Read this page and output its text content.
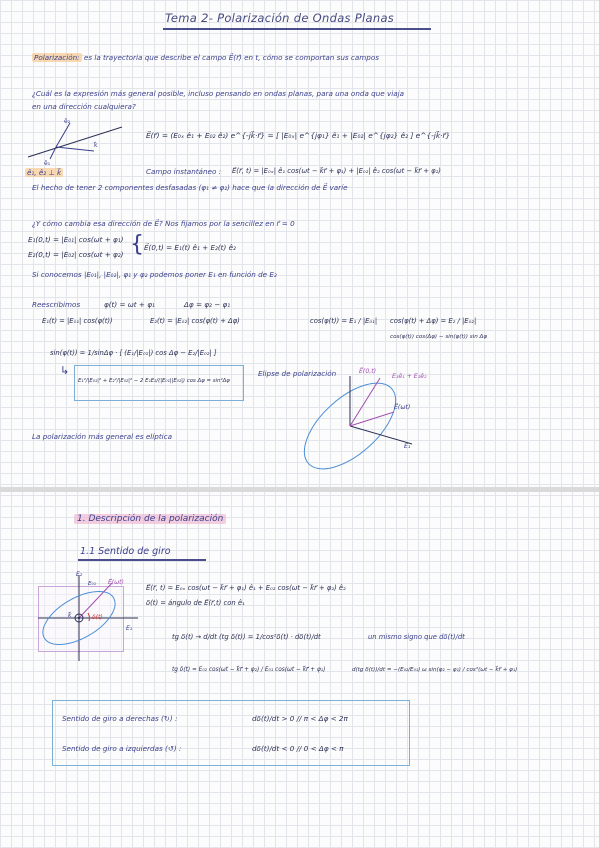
Tema 2- Polarización de Ondas Planas
Polarización: es la trayectoria que describe el campo E⃗(r⃗) en t, cómo se comportan sus campos
¿Cuál es la expresión más general posible, incluso pensando en ondas planas, para una onda que viaja
en una dirección cualquiera?
ê₂
k⃗
ê₁
ê₁, ê₂ ⊥ k⃗
E⃗(r⃗) = (E₀ₓ ê₁ + E₀₂ ê₂) e^{-jk⃗·r⃗} = [ |E₀ₓ| e^{jφ₁} ê₁ + |E₀₂| e^{jφ₂} ê₂ ] e^{-jk⃗·r⃗}
Campo instantáneo : E⃗(r⃗, t) = |E₀ₓ| ê₁ cos(ωt − k⃗r⃗ + φ₁) + |E₀₂| ê₂ cos(ωt − k⃗r⃗ + φ₂)
El hecho de tener 2 componentes desfasadas (φ₁ ≠ φ₂) hace que la dirección de E⃗ varíe
¿Y cómo cambia esa dirección de E⃗? Nos fijamos por la sencillez en r⃗ = 0
E₁(0,t) = |E₀₁| cos(ωt + φ₁)
E₂(0,t) = |E₀₂| cos(ωt + φ₂) { E⃗(0,t) = E₁(t) ê₁ + E₂(t) ê₂
Si conocemos |E₀₁|, |E₀₂|, φ₁ y φ₂ podemos poner E₁ en función de E₂
Reescribimos	φ(t) = ωt + φ₁	Δφ = φ₂ − φ₁
E₁(t) = |E₀₁| cos(φ(t))	E₂(t) = |E₀₂| cos(φ(t) + Δφ)	cos(φ(t)) = E₁ / |E₀₁| cos(φ(t) + Δφ) = E₂ / |E₀₂|
cos(φ(t)) cos(Δφ) − sin(φ(t)) sin Δφ
sin(φ(t)) = 1/sinΔφ · [ (E₁/|E₀₁|) cos Δφ − E₂/|E₀₂| ]
↳
E₁²/|E₀₁|² + E₂²/|E₀₂|² − 2 E₁E₂/(|E₀₁||E₀₂|) cos Δφ = sin²Δφ
Elipse de polarización
La polarización más general es elíptica
E⃗(0,t)
E₁ê₁ + E₂ê₂
E⃗(ωt)
E₁
1. Descripción de la polarización
1.1 Sentido de giro
E₂
E₀₁ E⃗(ωt)
k⃗	δ(t)
E₁
E⃗(r⃗, t) = E₀ₓ cos(ωt − k⃗r⃗ + φ₁) ê₁ + E₀₂ cos(ωt − k⃗r⃗ + φ₂) ê₂
δ(t) = ángulo de E⃗(r⃗,t) con ê₁
tg δ(t) → d/dt (tg δ(t)) = 1/cos²δ(t) · dδ(t)/dt	un mismo signo que dδ(t)/dt
tg δ(t) = E₀₂ cos(ωt − k⃗r⃗ + φ₂) / E₀₁ cos(ωt − k⃗r⃗ + φ₁)	d(tg δ(t))/dt = −(E₀₂/E₀₁) ω sin(φ₂ − φ₁) / cos²(ωt − k⃗r⃗ + φ₁)
Sentido de giro a derechas (↻) :	dδ(t)/dt > 0 // π < Δφ < 2π
Sentido de giro a izquierdas (↺) :	dδ(t)/dt < 0 // 0 < Δφ < π
